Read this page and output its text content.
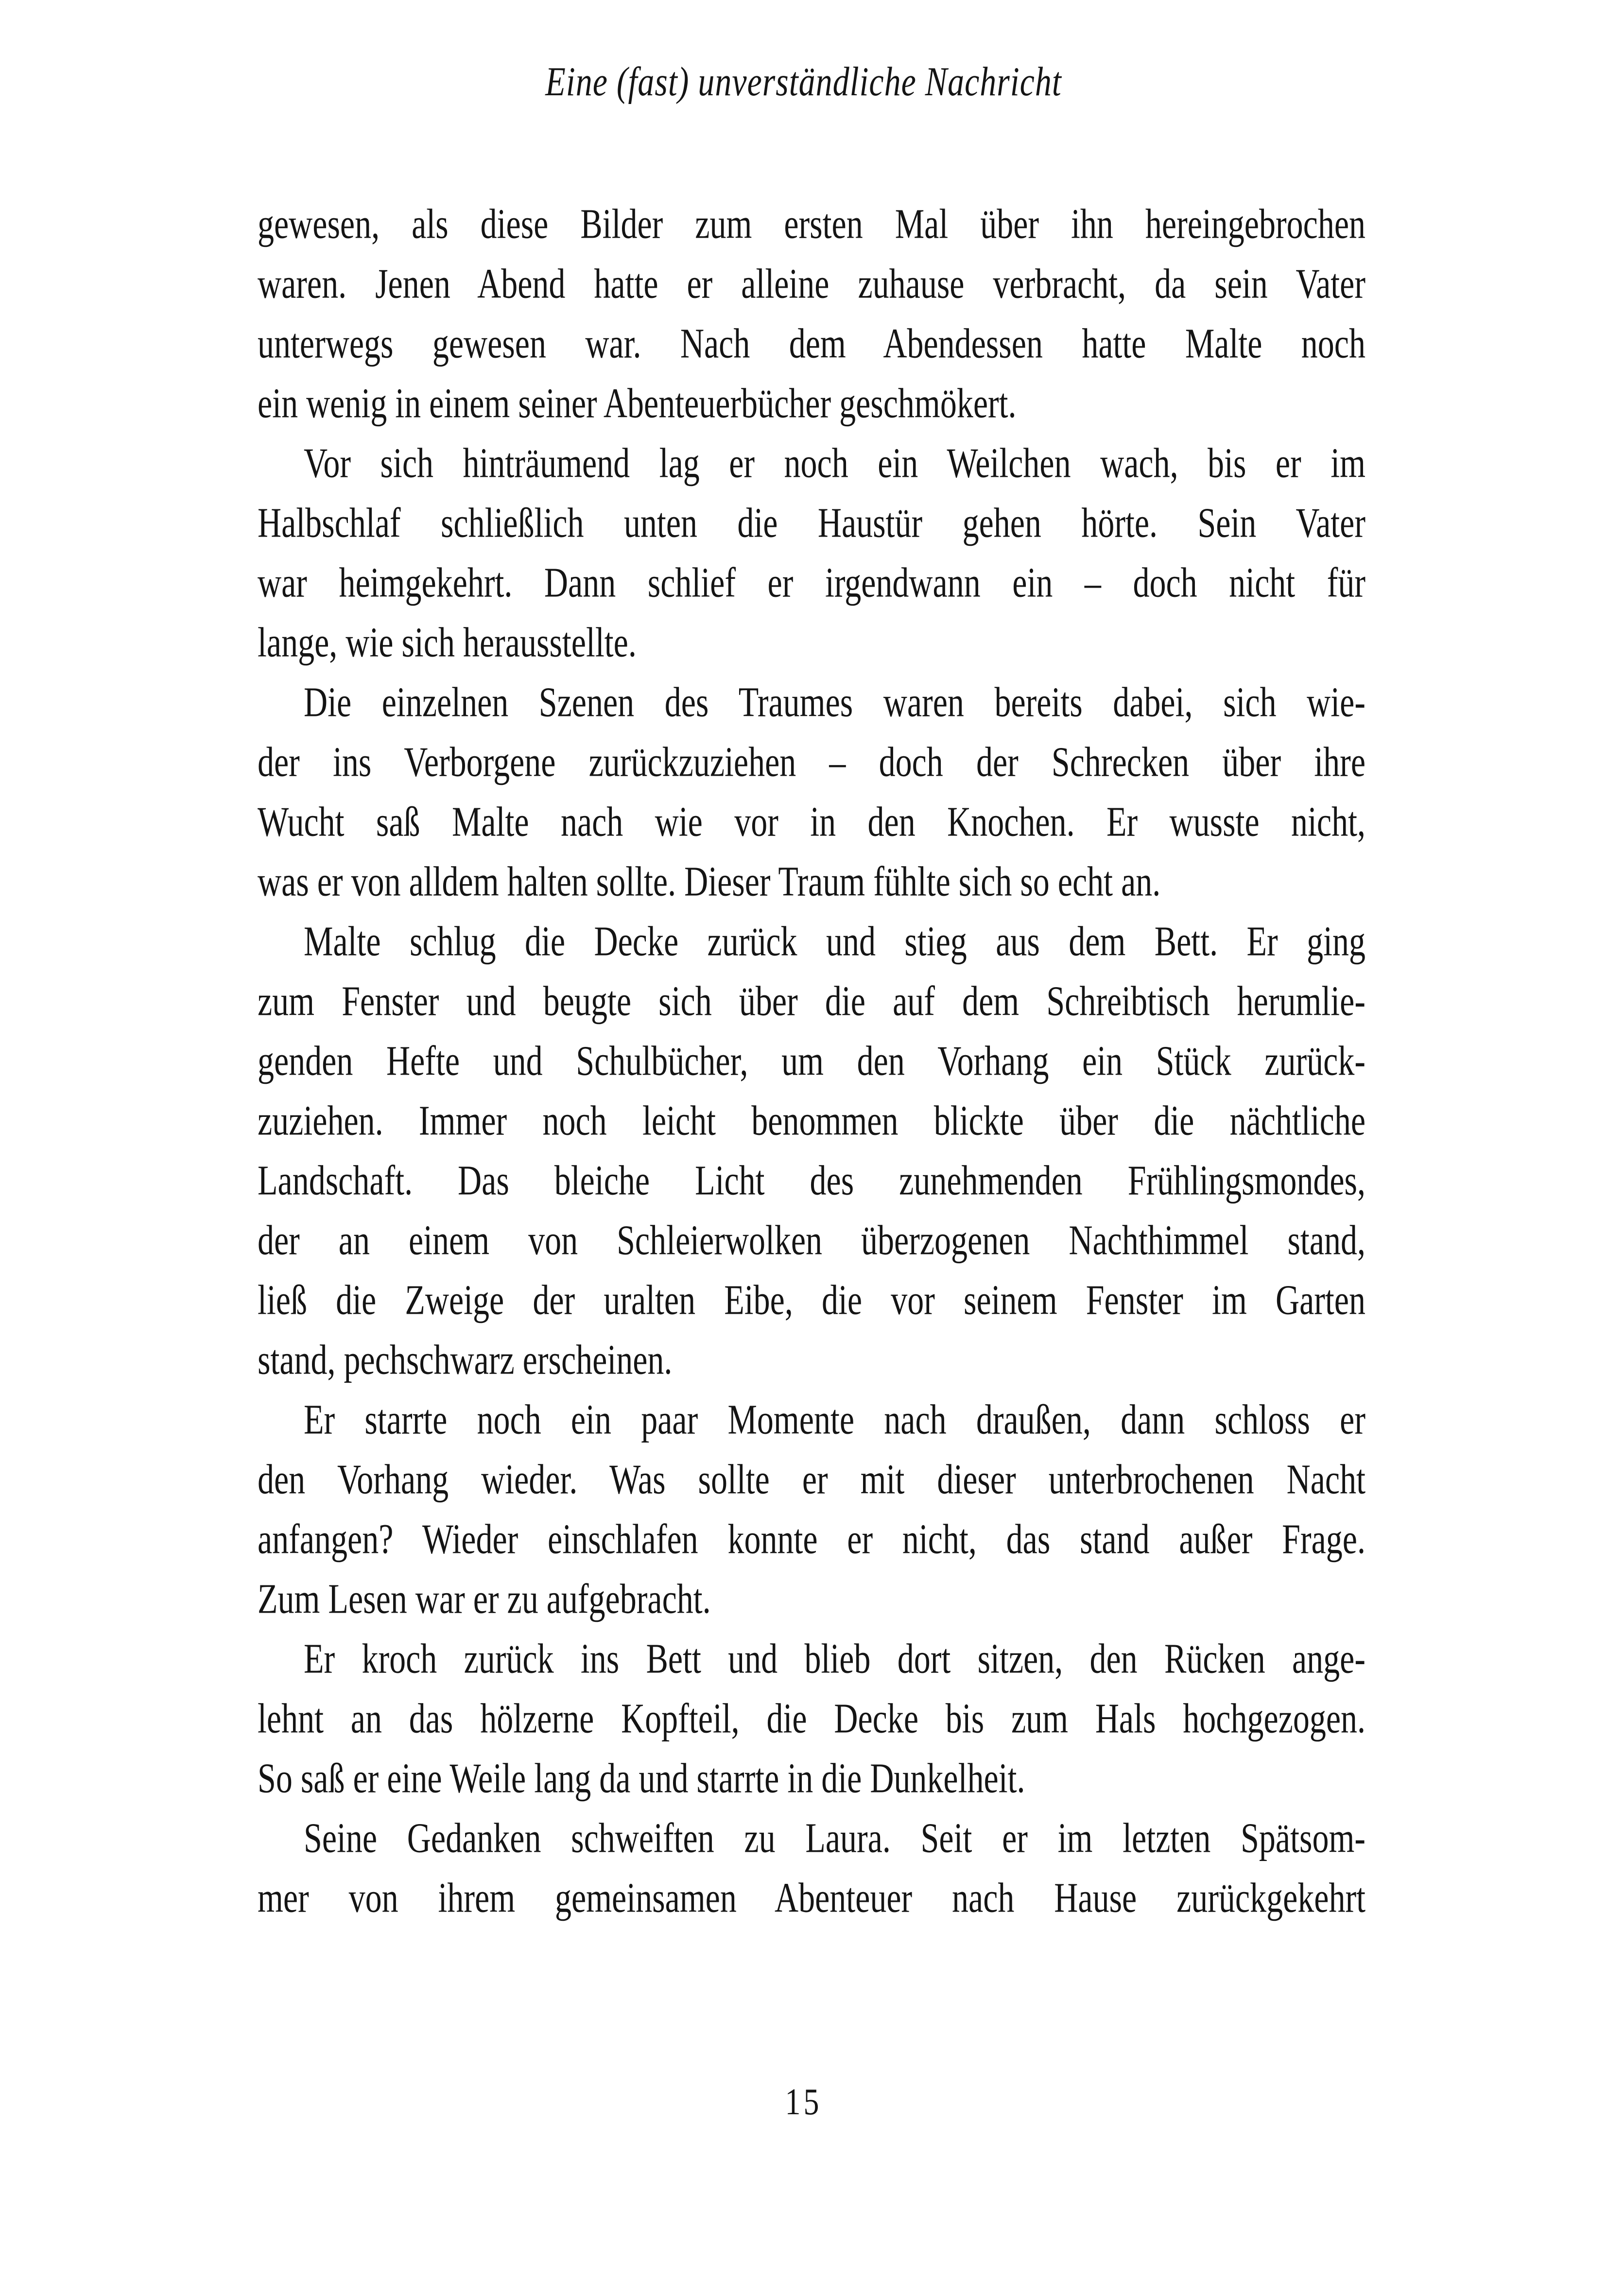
Eine (fast) unverständliche Nachricht
gewesen, als diese Bilder zum ersten Mal über ihn hereingebrochen
waren. Jenen Abend hatte er alleine zuhause verbracht, da sein Vater
unterwegs gewesen war. Nach dem Abendessen hatte Malte noch
ein wenig in einem seiner Abenteuerbücher geschmökert.
Vor sich hinträumend lag er noch ein Weilchen wach, bis er im
Halbschlaf schließlich unten die Haustür gehen hörte. Sein Vater
war heimgekehrt. Dann schlief er irgendwann ein – doch nicht für
lange, wie sich herausstellte.
Die einzelnen Szenen des Traumes waren bereits dabei, sich wie-
der ins Verborgene zurückzuziehen – doch der Schrecken über ihre
Wucht saß Malte nach wie vor in den Knochen. Er wusste nicht,
was er von alldem halten sollte. Dieser Traum fühlte sich so echt an.
Malte schlug die Decke zurück und stieg aus dem Bett. Er ging
zum Fenster und beugte sich über die auf dem Schreibtisch herumlie-
genden Hefte und Schulbücher, um den Vorhang ein Stück zurück-
zuziehen. Immer noch leicht benommen blickte über die nächtliche
Landschaft. Das bleiche Licht des zunehmenden Frühlingsmondes,
der an einem von Schleierwolken überzogenen Nachthimmel stand,
ließ die Zweige der uralten Eibe, die vor seinem Fenster im Garten
stand, pechschwarz erscheinen.
Er starrte noch ein paar Momente nach draußen, dann schloss er
den Vorhang wieder. Was sollte er mit dieser unterbrochenen Nacht
anfangen? Wieder einschlafen konnte er nicht, das stand außer Frage.
Zum Lesen war er zu aufgebracht.
Er kroch zurück ins Bett und blieb dort sitzen, den Rücken ange-
lehnt an das hölzerne Kopfteil, die Decke bis zum Hals hochgezogen.
So saß er eine Weile lang da und starrte in die Dunkelheit.
Seine Gedanken schweiften zu Laura. Seit er im letzten Spätsom-
mer von ihrem gemeinsamen Abenteuer nach Hause zurückgekehrt
15
